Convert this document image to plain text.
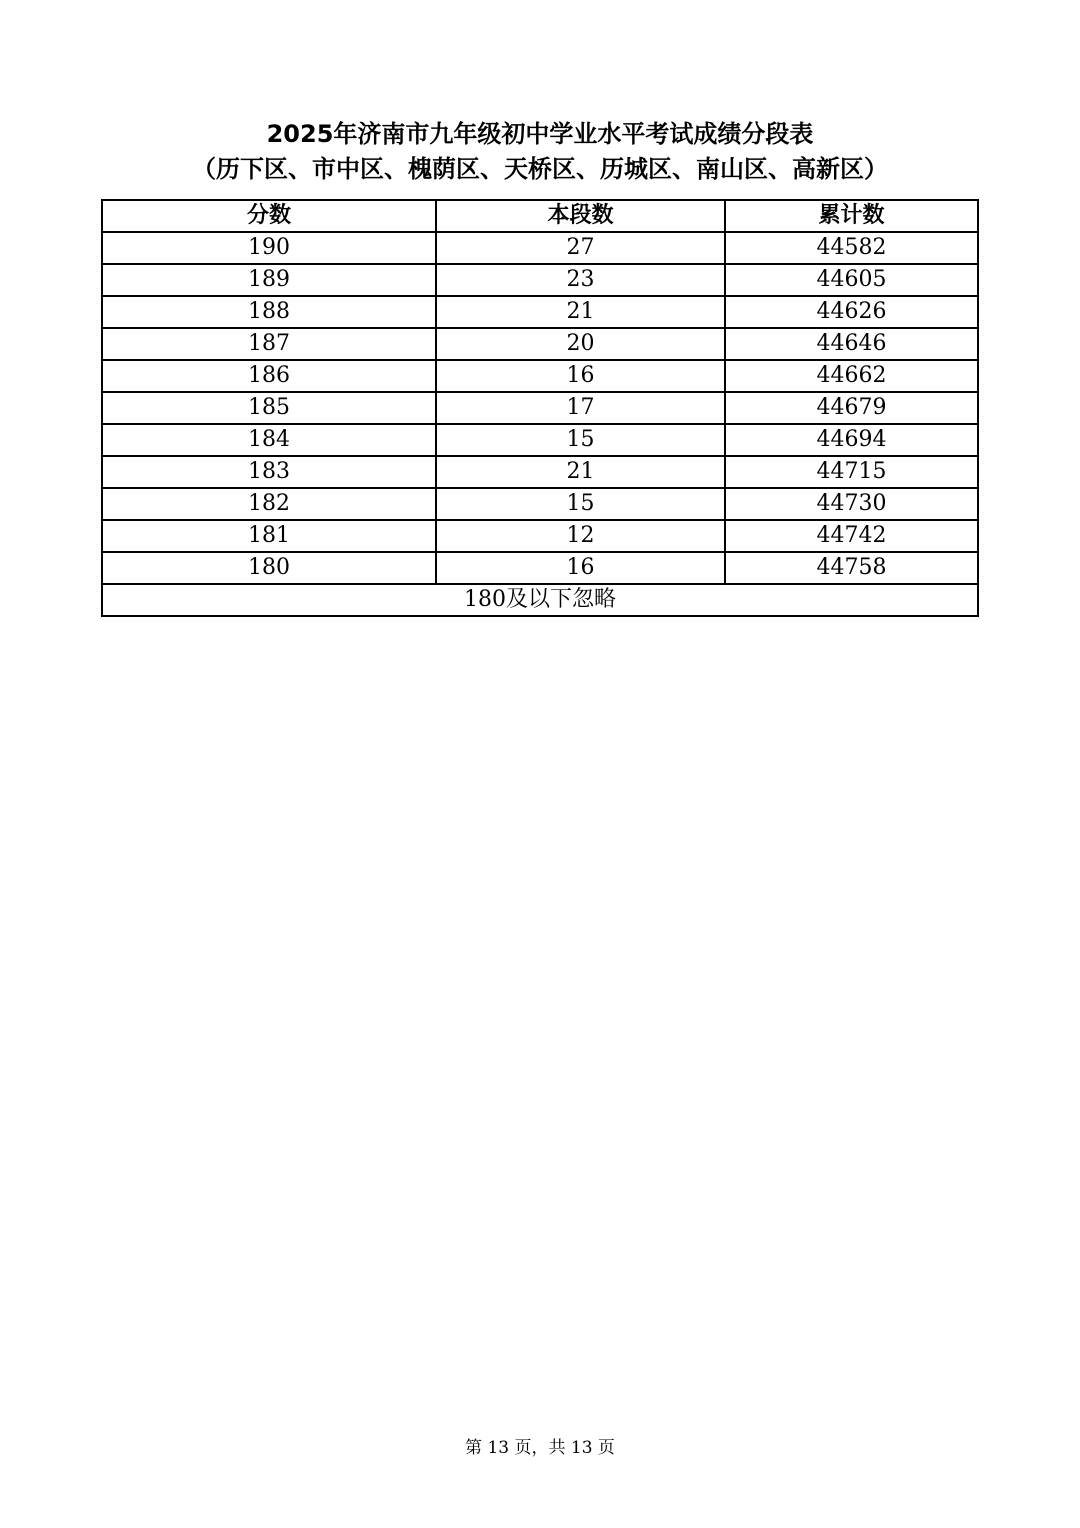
2025年济南市九年级初中学业水平考试成绩分段表
（历下区、市中区、槐荫区、天桥区、历城区、南山区、高新区）
分数	本段数	累计数
190	27	44582
189	23	44605
188	21	44626
187	20	44646
186	16	44662
185	17	44679
184	15	44694
183	21	44715
182	15	44730
181	12	44742
180	16	44758
180及以下忽略		
第 13 页，共 13 页
